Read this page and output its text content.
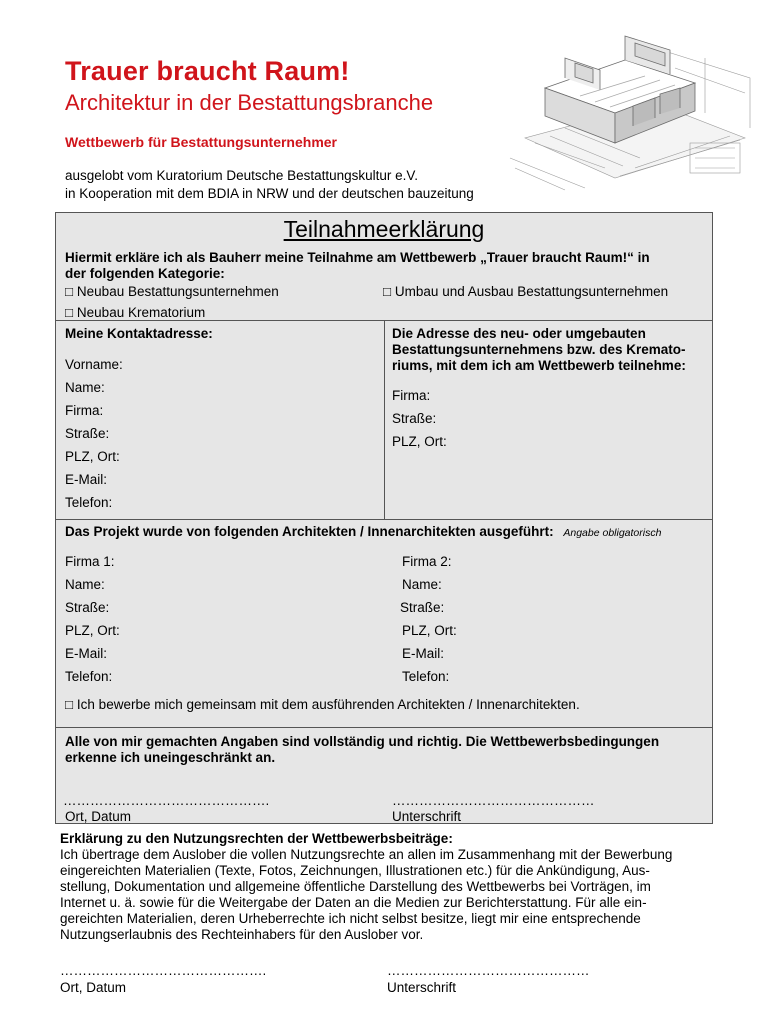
Trauer braucht Raum!
Architektur in der Bestattungsbranche
Wettbewerb für Bestattungsunternehmer
ausgelobt vom Kuratorium Deutsche Bestattungskultur e.V.
in Kooperation mit dem BDIA in NRW und der deutschen bauzeitung
Teilnahmeerklärung
Hiermit erkläre ich als Bauherr meine Teilnahme am Wettbewerb „Trauer braucht Raum!“ in
der folgenden Kategorie:
□ Neubau Bestattungsunternehmen	□ Umbau und Ausbau Bestattungsunternehmen
□ Neubau Krematorium
Meine Kontaktadresse:
Vorname:
Name:
Firma:
Straße:
PLZ, Ort:
E-Mail:
Telefon:
Die Adresse des neu- oder umgebauten
Bestattungsunternehmens bzw. des Kremato-
riums, mit dem ich am Wettbewerb teilnehme:
Firma:
Straße:
PLZ, Ort:
Das Projekt wurde von folgenden Architekten / Innenarchitekten ausgeführt: Angabe obligatorisch
Firma 1:
Name:
Straße:
PLZ, Ort:
E-Mail:
Telefon:
Firma 2:
Name:
Straße:
PLZ, Ort:
E-Mail:
Telefon:
□ Ich bewerbe mich gemeinsam mit dem ausführenden Architekten / Innenarchitekten.
Alle von mir gemachten Angaben sind vollständig und richtig. Die Wettbewerbsbedingungen
erkenne ich uneingeschränkt an.
……………………………………….	………………………………………
Ort, Datum	Unterschrift
Erklärung zu den Nutzungsrechten der Wettbewerbsbeiträge:
Ich übertrage dem Auslober die vollen Nutzungsrechte an allen im Zusammenhang mit der Bewerbung
eingereichten Materialien (Texte, Fotos, Zeichnungen, Illustrationen etc.) für die Ankündigung, Aus-
stellung, Dokumentation und allgemeine öffentliche Darstellung des Wettbewerbs bei Vorträgen, im
Internet u. ä. sowie für die Weitergabe der Daten an die Medien zur Berichterstattung. Für alle ein-
gereichten Materialien, deren Urheberrechte ich nicht selbst besitze, liegt mir eine entsprechende
Nutzungserlaubnis des Rechteinhabers für den Auslober vor.
……………………………………….	………………………………………
Ort, Datum	Unterschrift
